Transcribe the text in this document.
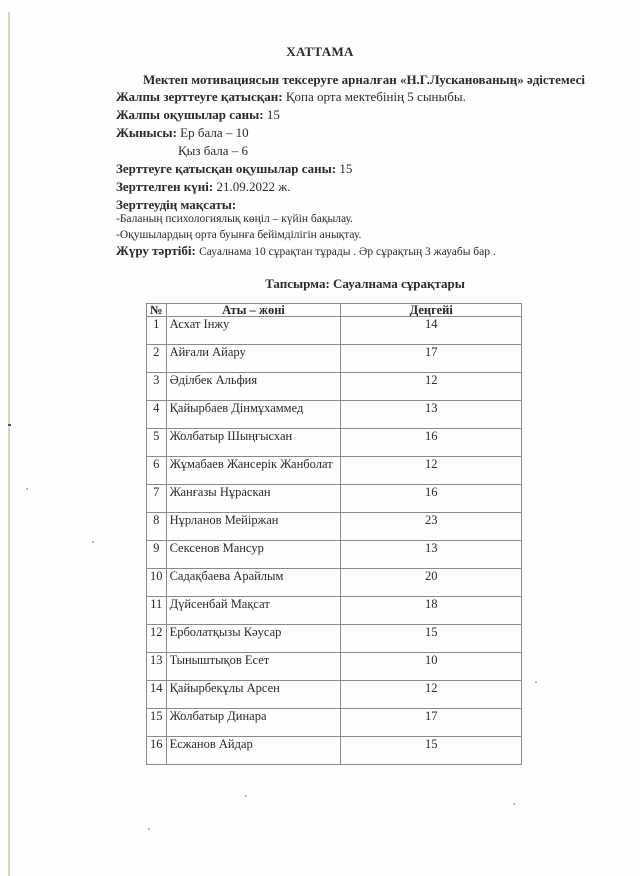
ХАТТАМА
Мектеп мотивациясын тексеруге арналған «Н.Г.Лусканованың» әдістемесі
Жалпы зерттеуге қатысқан: Қопа орта мектебінің 5 сыныбы.
Жалпы оқушылар саны: 15
Жынысы: Ер бала – 10
Қыз бала – 6
Зерттеуге қатысқан оқушылар саны: 15
Зерттелген күні: 21.09.2022 ж.
Зерттеудің мақсаты:
-Баланың психологиялық көңіл – күйін бақылау.
-Оқушылардың орта буынға бейімділігін анықтау.
Жүру тәртібі: Сауалнама 10 сұрақтан тұрады . Әр сұрақтың 3 жауабы бар .
Тапсырма: Сауалнама сұрақтары
№	Аты – жөні	Деңгейі
1	Асхат Інжу	14
2	Айғали Айару	17
3	Әділбек Альфия	12
4	Қайырбаев Дінмұхаммед	13
5	Жолбатыр Шыңғысхан	16
6	Жұмабаев Жансерік Жанболат	12
7	Жанғазы Нұраскан	16
8	Нұрланов Мейіржан	23
9	Сексенов Мансур	13
10	Садақбаева Арайлым	20
11	Дүйсенбай Мақсат	18
12	Ерболатқызы Кәусар	15
13	Тыныштықов Есет	10
14	Қайырбекұлы Арсен	12
15	Жолбатыр Динара	17
16	Есжанов Айдар	15
